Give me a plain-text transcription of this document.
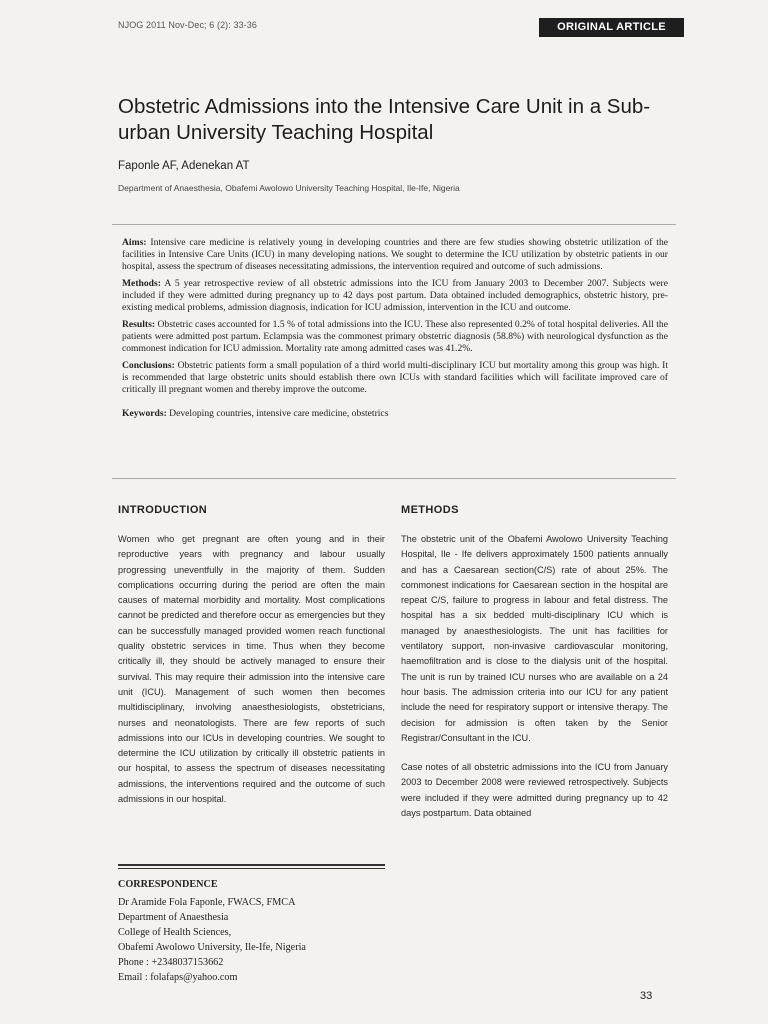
NJOG 2011 Nov-Dec; 6 (2): 33-36	ORIGINAL ARTICLE
Obstetric Admissions into the Intensive Care Unit in a Sub-urban University Teaching Hospital
Faponle AF, Adenekan AT
Department of Anaesthesia, Obafemi Awolowo University Teaching Hospital, Ile-Ife, Nigeria

Aims: Intensive care medicine is relatively young in developing countries and there are few studies showing obstetric utilization of the facilities in Intensive Care Units (ICU) in many developing nations. We sought to determine the ICU utilization by obstetric patients in our hospital, assess the spectrum of diseases necessitating admissions, the intervention required and outcome of such admissions.

Methods: A 5 year retrospective review of all obstetric admissions into the ICU from January 2003 to December 2007. Subjects were included if they were admitted during pregnancy up to 42 days post partum. Data obtained included demographics, obstetric history, pre-existing medical problems, admission diagnosis, indication for ICU admission, intervention in the ICU and outcome.

Results: Obstetric cases accounted for 1.5 % of total admissions into the ICU. These also represented 0.2% of total hospital deliveries. All the patients were admitted post partum. Eclampsia was the commonest primary obstetric diagnosis (58.8%) with neurological dysfunction as the commonest indication for ICU admission. Mortality rate among admitted cases was 41.2%.

Conclusions: Obstetric patients form a small population of a third world multi-disciplinary ICU but mortality among this group was high. It is recommended that large obstetric units should establish there own ICUs with standard facilities which will facilitate improved care of critically ill pregnant women and thereby improve the outcome.

Keywords: Developing countries, intensive care medicine, obstetrics

INTRODUCTION

Women who get pregnant are often young and in their reproductive years with pregnancy and labour usually progressing uneventfully in the majority of them. Sudden complications occurring during the period are often the main causes of maternal morbidity and mortality. Most complications cannot be predicted and therefore occur as emergencies but they can be successfully managed provided women reach functional quality obstetric services in time. Thus when they become critically ill, they should be actively managed to ensure their survival. This may require their admission into the intensive care unit (ICU). Management of such women then becomes multidisciplinary, involving anaesthesiologists, obstetricians, nurses and neonatologists. There are few reports of such admissions into our ICUs in developing countries. We sought to determine the ICU utilization by critically ill obstetric patients in our hospital, to assess the spectrum of diseases necessitating admissions, the interventions required and the outcome of such admissions in our hospital.

METHODS

The obstetric unit of the Obafemi Awolowo University Teaching Hospital, Ile - Ife delivers approximately 1500 patients annually and has a Caesarean section(C/S) rate of about 25%. The commonest indications for Caesarean section in the hospital are repeat C/S, failure to progress in labour and fetal distress. The hospital has a six bedded multi-disciplinary ICU which is managed by anaesthesiologists. The unit has facilities for ventilatory support, non-invasive cardiovascular monitoring, haemofiltration and is close to the dialysis unit of the hospital. The unit is run by trained ICU nurses who are available on a 24 hour basis. The admission criteria into our ICU for any patient include the need for respiratory support or intensive therapy. The decision for admission is often taken by the Senior Registrar/Consultant in the ICU.

Case notes of all obstetric admissions into the ICU from January 2003 to December 2008 were reviewed retrospectively. Subjects were included if they were admitted during pregnancy up to 42 days postpartum. Data obtained

CORRESPONDENCE
Dr Aramide Fola Faponle, FWACS, FMCA
Department of Anaesthesia
College of Health Sciences,
Obafemi Awolowo University, Ile-Ife, Nigeria
Phone : +2348037153662
Email : folafaps@yahoo.com
33
